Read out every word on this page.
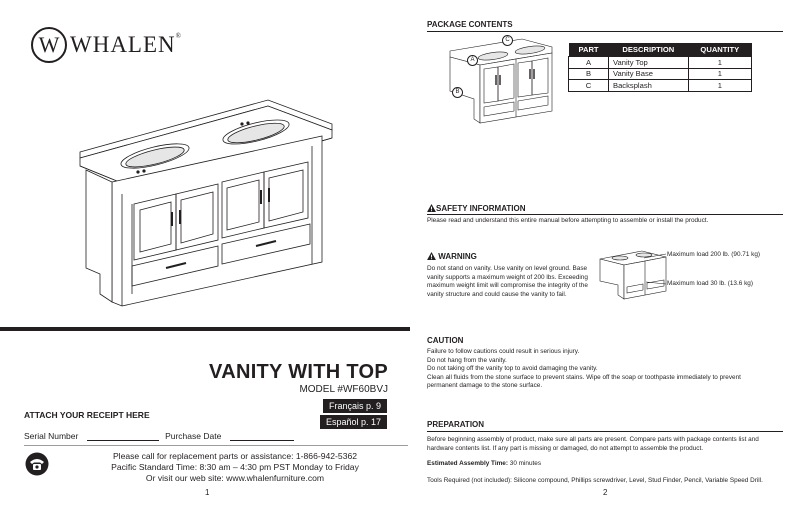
W WHALEN®
VANITY WITH TOP
MODEL #WF60BVJ
Français p. 9
Español p. 17
ATTACH YOUR RECEIPT HERE
Serial Number	Purchase Date
Please call for replacement parts or assistance: 1-866-942-5362
Pacific Standard Time: 8:30 am – 4:30 pm PST Monday to Friday
Or visit our web site: www.whalenfurniture.com
1
PACKAGE CONTENTS
C
A
B
PART	DESCRIPTION	QUANTITY
A	Vanity Top	1
B	Vanity Base	1
C	Backsplash	1
SAFETY INFORMATION
Please read and understand this entire manual before attempting to assemble or install the product.
WARNING
Do not stand on vanity. Use vanity on level ground. Base
vanity supports a maximum weight of 200 lbs. Exceeding
maximum weight limit will compromise the integrity of the
vanity structure and could cause the vanity to fail.
Maximum load 200 lb. (90.71 kg)
Maximum load 30 lb. (13.6 kg)
CAUTION
Failure to follow cautions could result in serious injury.
Do not hang from the vanity.
Do not taking off the vanity top to avoid damaging the vanity.
Clean all fluids from the stone surface to prevent stains. Wipe off the soap or toothpaste immediately to prevent
permanent damage to the stone surface.
PREPARATION
Before beginning assembly of product, make sure all parts are present. Compare parts with package contents list and
hardware contents list. If any part is missing or damaged, do not attempt to assemble the product.
Estimated Assembly Time: 30 minutes
Tools Required (not included): Silicone compound, Phillips screwdriver, Level, Stud Finder, Pencil, Variable Speed Drill.
2
